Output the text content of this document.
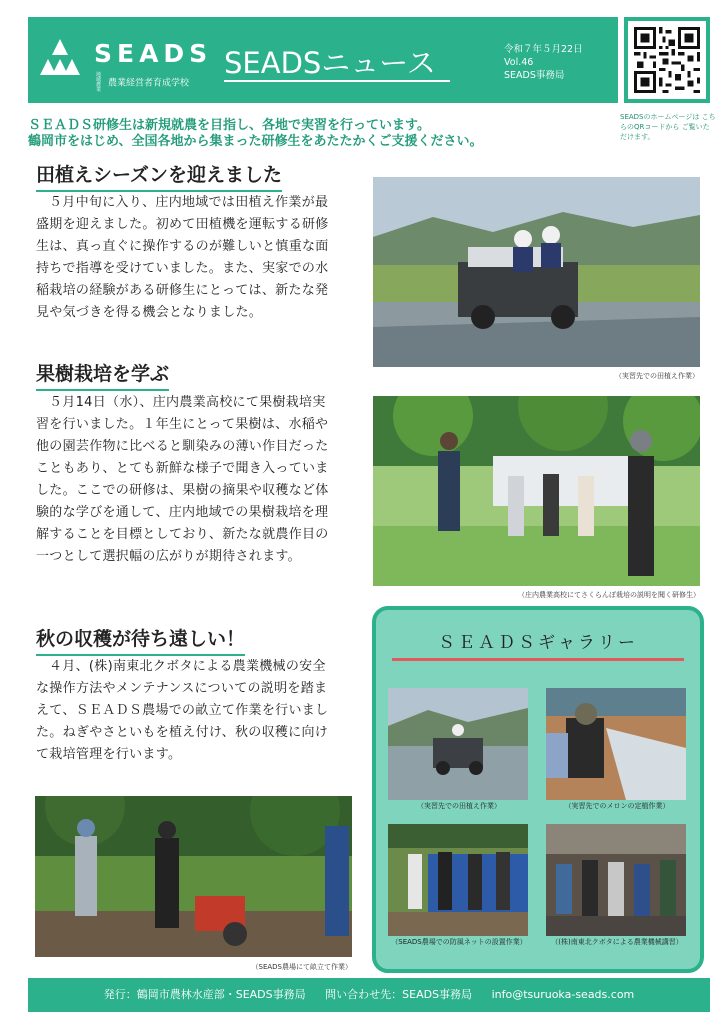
SEADS
地域農業農業経営者育成学校
SEADSニュース	令和７年５月22日
Vol.46
SEADS事務局
SEADSのホームページは こちらのQRコードから ご覧いただけます。
ＳＥＡＤＳ研修生は新規就農を目指し、各地で実習を行っています。
鶴岡市をはじめ、全国各地から集まった研修生をあたたかくご支援ください。
田植えシーズンを迎えました
５月中旬に入り、庄内地域では田植え作業が最盛期を迎えました。初めて田植機を運転する研修生は、真っ直ぐに操作するのが難しいと慎重な面持ちで指導を受けていました。また、実家での水稲栽培の経験がある研修生にとっては、新たな発見や気づきを得る機会となりました。
（実習先での田植え作業）
果樹栽培を学ぶ
５月14日（水）、庄内農業高校にて果樹栽培実習を行いました。１年生にとって果樹は、水稲や他の園芸作物に比べると馴染みの薄い作目だったこともあり、とても新鮮な様子で聞き入っていました。ここでの研修は、果樹の摘果や収穫など体験的な学びを通して、庄内地域での果樹栽培を理解することを目標としており、新たな就農作目の一つとして選択幅の広がりが期待されます。
（庄内農業高校にてさくらんぼ栽培の説明を聞く研修生）
秋の収穫が待ち遠しい！
４月、(株)南東北クボタによる農業機械の安全な操作方法やメンテナンスについての説明を踏まえて、ＳＥＡＤＳ農場での畝立て作業を行いました。ねぎやさといもを植え付け、秋の収穫に向けて栽培管理を行います。
（SEADS農場にて畝立て作業）
ＳＥＡＤＳギャラリー
（実習先での田植え作業）	（実習先でのメロンの定植作業）
（SEADS農場での防風ネットの設置作業）	（(株)南東北クボタによる農業機械講習）
発行：鶴岡市農林水産部・SEADS事務局 問い合わせ先：SEADS事務局 info@tsuruoka-seads.com
